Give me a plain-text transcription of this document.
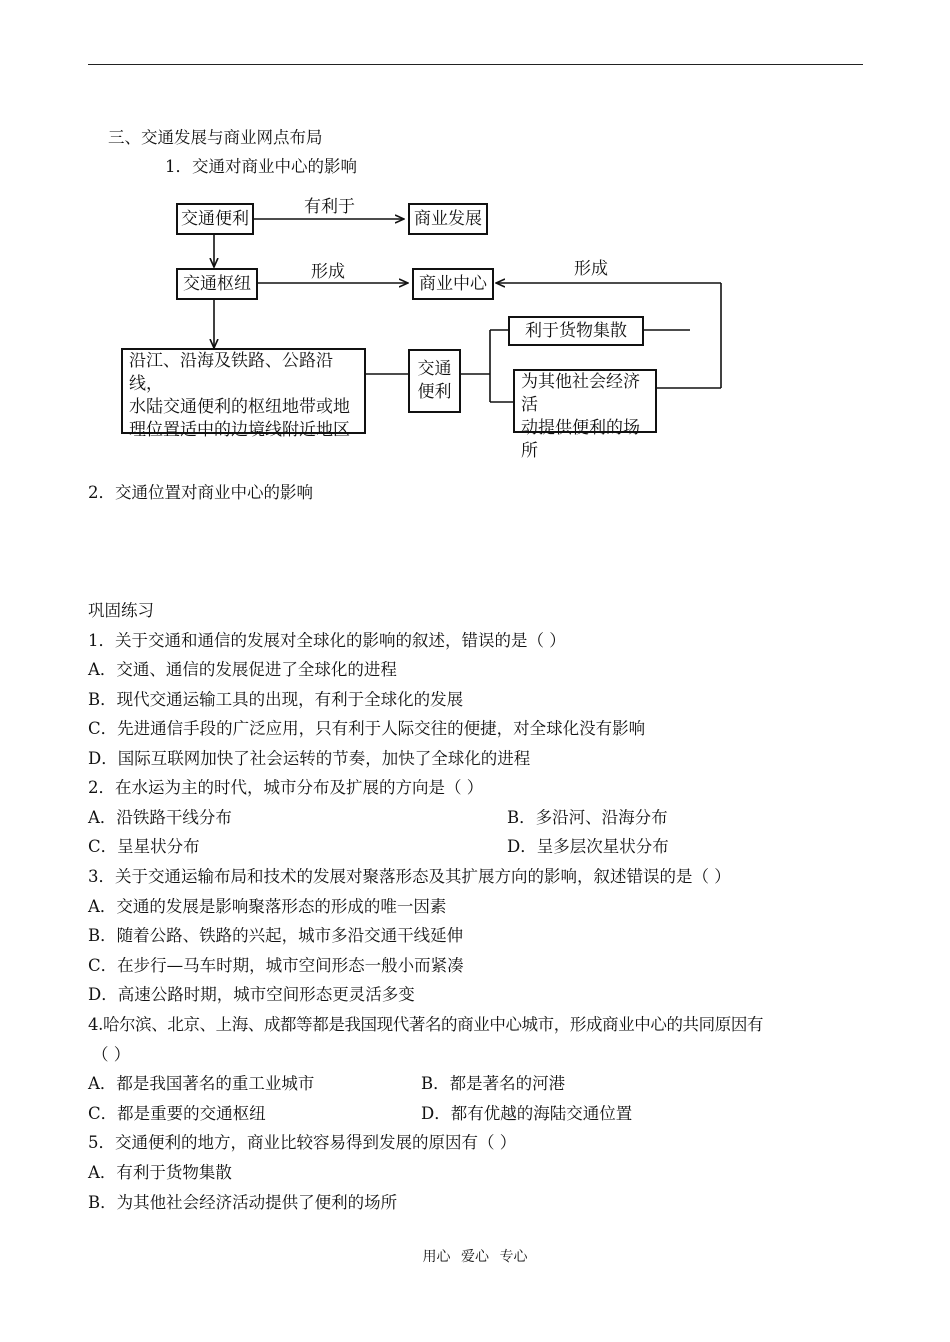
三、交通发展与商业网点布局
1．交通对商业中心的影响
交通便利
有利于
商业发展
交通枢纽
形成
商业中心
形成
利于货物集散
沿江、沿海及铁路、公路沿线，
水陆交通便利的枢纽地带或地
理位置适中的边境线附近地区
交通
便利	为其他社会经济活
动提供便利的场所
2．交通位置对商业中心的影响
巩固练习
1．关于交通和通信的发展对全球化的影响的叙述，错误的是（ ）
A．交通、通信的发展促进了全球化的进程
B．现代交通运输工具的出现，有利于全球化的发展
C．先进通信手段的广泛应用，只有利于人际交往的便捷，对全球化没有影响
D．国际互联网加快了社会运转的节奏，加快了全球化的进程
2．在水运为主的时代，城市分布及扩展的方向是（ ）
A．沿铁路干线分布	B．多沿河、沿海分布
C．呈星状分布	D．呈多层次星状分布
3．关于交通运输布局和技术的发展对聚落形态及其扩展方向的影响，叙述错误的是（ ）
A．交通的发展是影响聚落形态的形成的唯一因素
B．随着公路、铁路的兴起，城市多沿交通干线延伸
C．在步行—马车时期，城市空间形态一般小而紧凑
D．高速公路时期，城市空间形态更灵活多变
4.哈尔滨、北京、上海、成都等都是我国现代著名的商业中心城市，形成商业中心的共同原因有
（ ）
A．都是我国著名的重工业城市	B．都是著名的河港
C．都是重要的交通枢纽	D．都有优越的海陆交通位置
5．交通便利的地方，商业比较容易得到发展的原因有（ ）
A．有利于货物集散
B．为其他社会经济活动提供了便利的场所
用心 爱心 专心
